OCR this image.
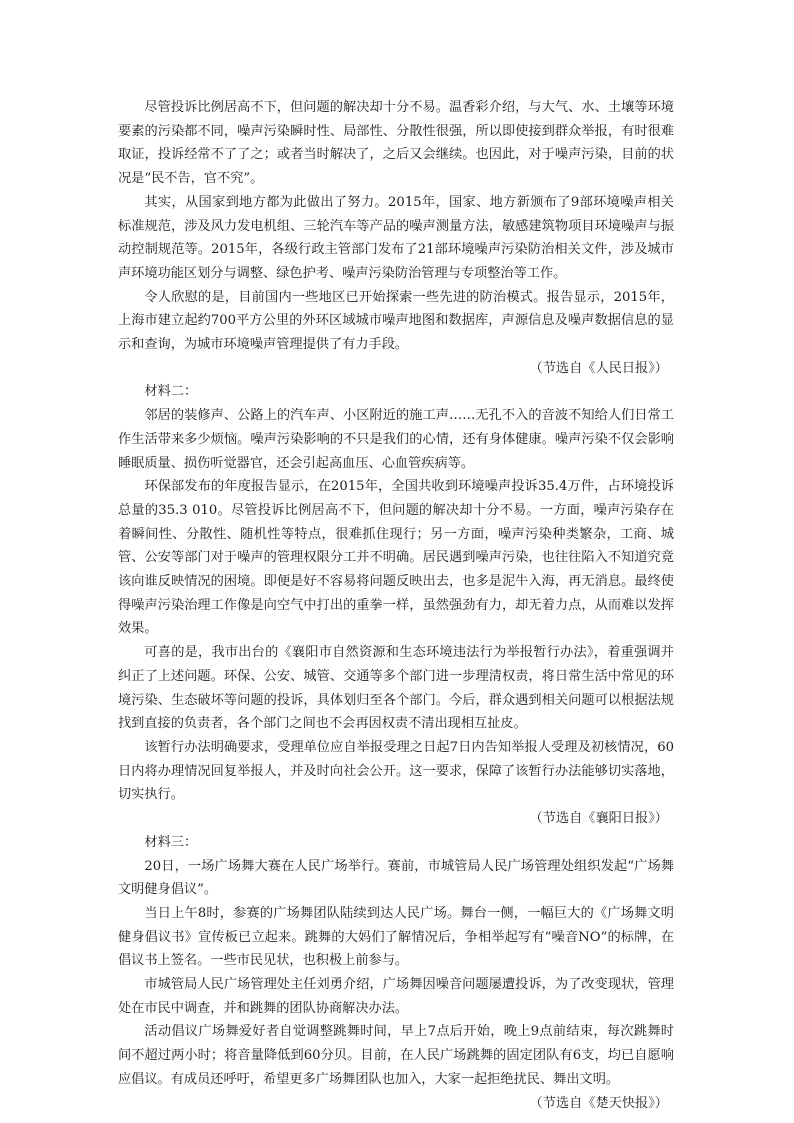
尽管投诉比例居高不下，但问题的解决却十分不易。温香彩介绍，与大气、水、土壤等环境要素的污染都不同，噪声污染瞬时性、局部性、分散性很强，所以即使接到群众举报，有时很难取证，投诉经常不了了之；或者当时解决了，之后又会继续。也因此，对于噪声污染，目前的状况是“民不告，官不究”。

其实，从国家到地方都为此做出了努力。2015年，国家、地方新颁布了9部环境噪声相关标准规范，涉及风力发电机组、三轮汽车等产品的噪声测量方法，敏感建筑物项目环境噪声与振动控制规范等。2015年，各级行政主管部门发布了21部环境噪声污染防治相关文件，涉及城市声环境功能区划分与调整、绿色护考、噪声污染防治管理与专项整治等工作。

令人欣慰的是，目前国内一些地区已开始探索一些先进的防治模式。报告显示，2015年，上海市建立起约700平方公里的外环区域城市噪声地图和数据库，声源信息及噪声数据信息的显示和查询，为城市环境噪声管理提供了有力手段。

（节选自《人民日报》）

材料二：

邻居的装修声、公路上的汽车声、小区附近的施工声……无孔不入的音波不知给人们日常工作生活带来多少烦恼。噪声污染影响的不只是我们的心情，还有身体健康。噪声污染不仅会影响睡眠质量、损伤听觉器官，还会引起高血压、心血管疾病等。

环保部发布的年度报告显示，在2015年，全国共收到环境噪声投诉35.4万件，占环境投诉总量的35.3 010。尽管投诉比例居高不下，但问题的解决却十分不易。一方面，噪声污染存在着瞬间性、分散性、随机性等特点，很难抓住现行；另一方面，噪声污染种类繁杂，工商、城管、公安等部门对于噪声的管理权限分工并不明确。居民遇到噪声污染，也往往陷入不知道究竟该向谁反映情况的困境。即便是好不容易将问题反映出去，也多是泥牛入海，再无消息。最终使得噪声污染治理工作像是向空气中打出的重拳一样，虽然强劲有力，却无着力点，从而难以发挥效果。

可喜的是，我市出台的《襄阳市自然资源和生态环境违法行为举报暂行办法》，着重强调并纠正了上述问题。环保、公安、城管、交通等多个部门进一步理清权责，将日常生活中常见的环境污染、生态破坏等问题的投诉，具体划归至各个部门。今后，群众遇到相关问题可以根据法规找到直接的负责者，各个部门之间也不会再因权责不清出现相互扯皮。

该暂行办法明确要求，受理单位应自举报受理之日起7日内告知举报人受理及初核情况，60日内将办理情况回复举报人，并及时向社会公开。这一要求，保障了该暂行办法能够切实落地，切实执行。

（节选自《襄阳日报》）

材料三：

20日，一场广场舞大赛在人民广场举行。赛前，市城管局人民广场管理处组织发起“广场舞文明健身倡议”。

当日上午8时，参赛的广场舞团队陆续到达人民广场。舞台一侧，一幅巨大的《广场舞文明健身倡议书》宣传板已立起来。跳舞的大妈们了解情况后，争相举起写有“噪音NO”的标牌，在倡议书上签名。一些市民见状，也积极上前参与。

市城管局人民广场管理处主任刘勇介绍，广场舞因噪音问题屡遭投诉，为了改变现状，管理处在市民中调查，并和跳舞的团队协商解决办法。

活动倡议广场舞爱好者自觉调整跳舞时间，早上7点后开始，晚上9点前结束，每次跳舞时间不超过两小时；将音量降低到60分贝。目前，在人民广场跳舞的固定团队有6支，均已自愿响应倡议。有成员还呼吁，希望更多广场舞团队也加入，大家一起拒绝扰民、舞出文明。

（节选自《楚天快报》）
